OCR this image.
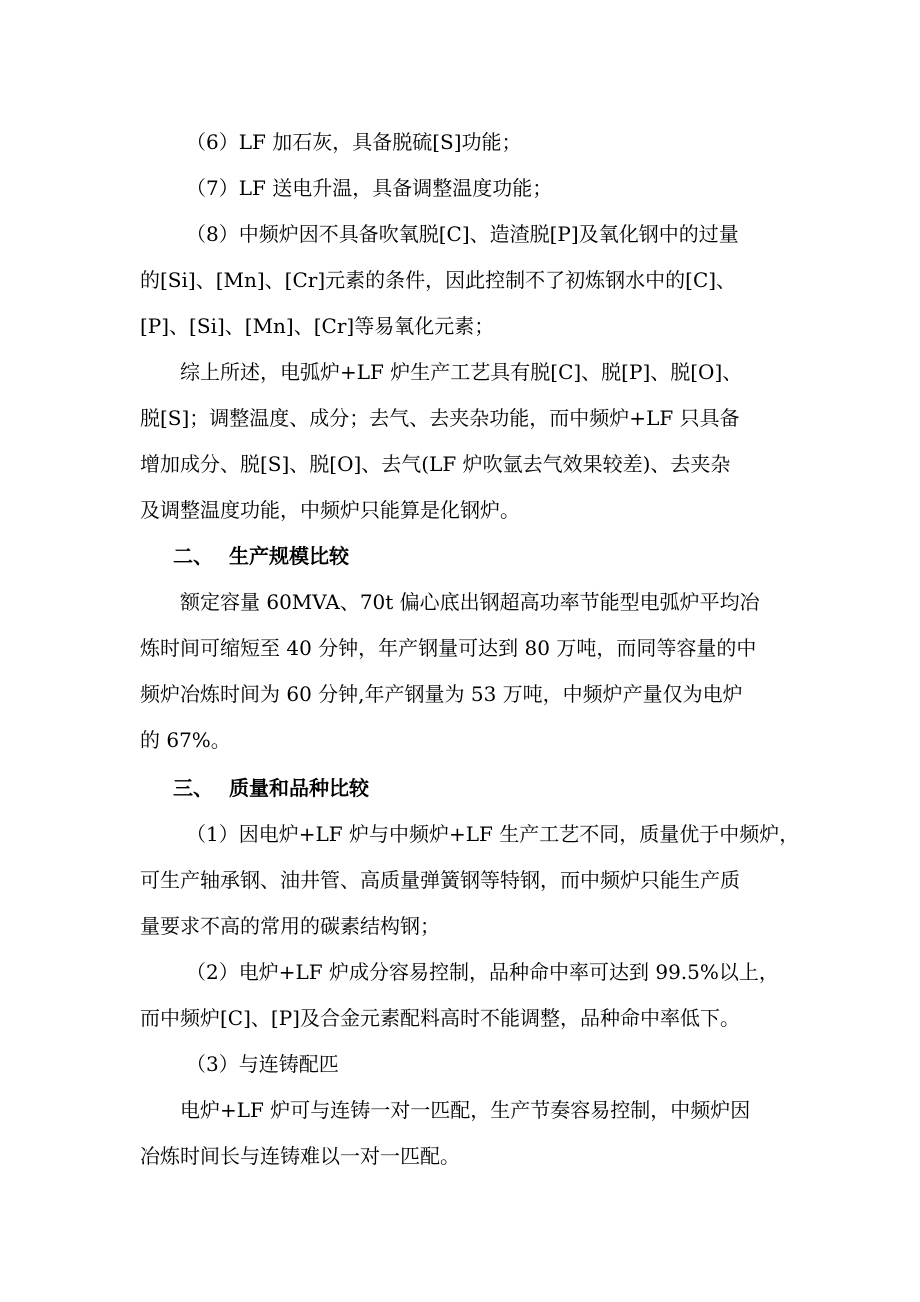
（6）LF 加石灰，具备脱硫[S]功能；
（7）LF 送电升温，具备调整温度功能；
（8）中频炉因不具备吹氧脱[C]、造渣脱[P]及氧化钢中的过量
的[Si]、[Mn]、[Cr]元素的条件，因此控制不了初炼钢水中的[C]、
[P]、[Si]、[Mn]、[Cr]等易氧化元素；
综上所述，电弧炉+LF 炉生产工艺具有脱[C]、脱[P]、脱[O]、
脱[S]；调整温度、成分；去气、去夹杂功能，而中频炉+LF 只具备
增加成分、脱[S]、脱[O]、去气(LF 炉吹氩去气效果较差)、去夹杂
及调整温度功能，中频炉只能算是化钢炉。
二、 生产规模比较
额定容量 60MVA、70t 偏心底出钢超高功率节能型电弧炉平均冶
炼时间可缩短至 40 分钟，年产钢量可达到 80 万吨，而同等容量的中
频炉冶炼时间为 60 分钟,年产钢量为 53 万吨，中频炉产量仅为电炉
的 67%。
三、 质量和品种比较
（1）因电炉+LF 炉与中频炉+LF 生产工艺不同，质量优于中频炉，
可生产轴承钢、油井管、高质量弹簧钢等特钢，而中频炉只能生产质
量要求不高的常用的碳素结构钢；
（2）电炉+LF 炉成分容易控制，品种命中率可达到 99.5%以上，
而中频炉[C]、[P]及合金元素配料高时不能调整，品种命中率低下。
（3）与连铸配匹
电炉+LF 炉可与连铸一对一匹配，生产节奏容易控制，中频炉因
冶炼时间长与连铸难以一对一匹配。
